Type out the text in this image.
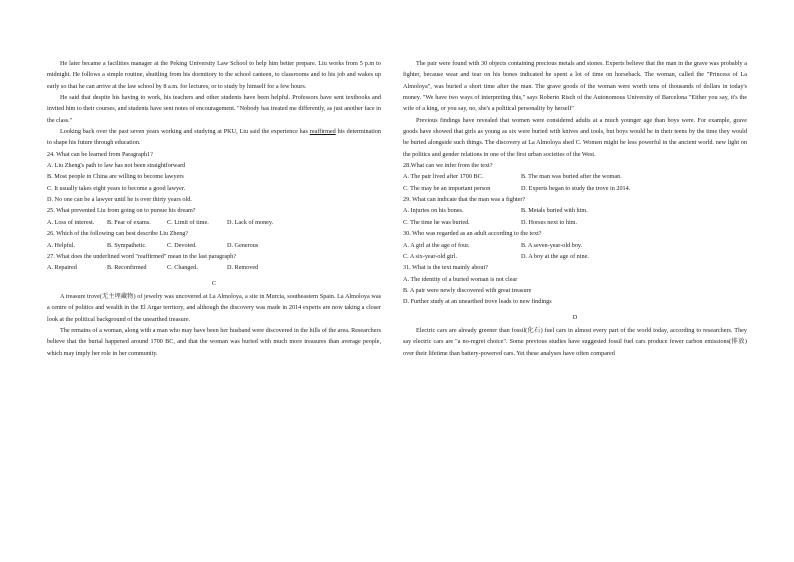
He later became a facilities manager at the Peking University Law School to help him better prepare. Liu works from 5 p.m to midnight. He follows a simple routine, shuttling from his dormitory to the school canteen, to classrooms and to his job and wakes up early so that he can arrive at the law school by 8 a.m. for lectures, or to study by himself for a few hours.

He said that despite his having to work, his teachers and other students have been helpful. Professors have sent textbooks and invited him to their courses, and students have sent notes of encouragement. "Nobody has treated me differently, as just another face in the class."

Looking back over the past seven years working and studying at PKU, Liu said the experience has reaffirmed his determination to shape his future through education.

24. What can be learned from Paragraph1?

A. Liu Zheng's path to law has not been straightforward

B. Most people in China are willing to become lawyers

C. It usually takes eight years to become a good lawyer.

D. No one can be a lawyer until he is over thirty years old.

25. What prevented Liu from going on to pursue his dream?

A. Loss of interest.	B. Fear of exams.	C. Limit of time.	D. Lack of money.

26. Which of the following can best describe Liu Zheng?

A. Helpful.	B. Sympathetic.	C. Devoted.	D. Generous

27. What does the underlined word "reaffirmed" mean in the last paragraph?

A. Repaired	B. Reconfirmed	C. Changed.	D. Removed

C

A treasure trove(无主埋藏物) of jewelry was uncovered at La Almoloya, a site in Murcia, southeastern Spain. La Almoloya was a centre of politics and wealth in the El Argar territory, and although the discovery was made in 2014 experts are now taking a closer look at the political background of the unearthed treasure.

The remains of a woman, along with a man who may have been her husband were discovered in the hills of the area. Researchers believe that the burial happened around 1700 BC, and that the woman was buried with much more treasures than average people, which may imply her role in her community.

The pair were found with 30 objects containing precious metals and stones. Experts believe that the man in the grave was probably a fighter, because wear and tear on his bones indicated he spent a lot of time on horseback. The woman, called the "Princess of La Almoloya", was buried a short time after the man. The grave goods of the woman were worth tens of thousands of dollars in today's money. "We have two ways of interpreting this," says Roberto Risch of the Autonomous University of Barcelona "Either you say, it's the wife of a king, or you say, no, she's a political personality by herself"

Previous findings have revealed that women were considered adults at a much younger age than boys were. For example, grave goods have showed that girls as young as six were buried with knives and tools, but boys would be in their teens by the time they would be buried alongside such things. The discovery at La Almoloya shed C. Women might be less powerful in the ancient world. new light on the politics and gender relations in one of the first urban societies of the West.

28.What can we infer from the text?

A. The pair lived after 1700 BC.	B. The man was buried after the woman.
C. The may be an important person	D. Experts began to study the trove in 2014.

29. What can indicate that the man was a fighter?

A. Injuries on his bones.	B. Metals buried with him.
C. The time he was buried.	D. Horses next to him.

30. Who was regarded as an adult according to the text?

A. A girl at the age of four.	B. A seven-year-old boy.
C. A six-year-old girl.	D. A boy at the age of nine.

31. What is the text mainly about?

A. The identity of a buried woman is not clear

B. A pair were newly discovered with great treasure

D. Further study at an unearthed trove leads to new findings

D

Electric cars are already greener than fossil(化石) fuel cars in almost every part of the world today, according to researchers. They say electric cars are "a no-regret choice". Some previous studies have suggested fossil fuel cars produce fewer carbon emissions(排放) over their lifetime than battery-powered cars. Yet these analyses have often compared
